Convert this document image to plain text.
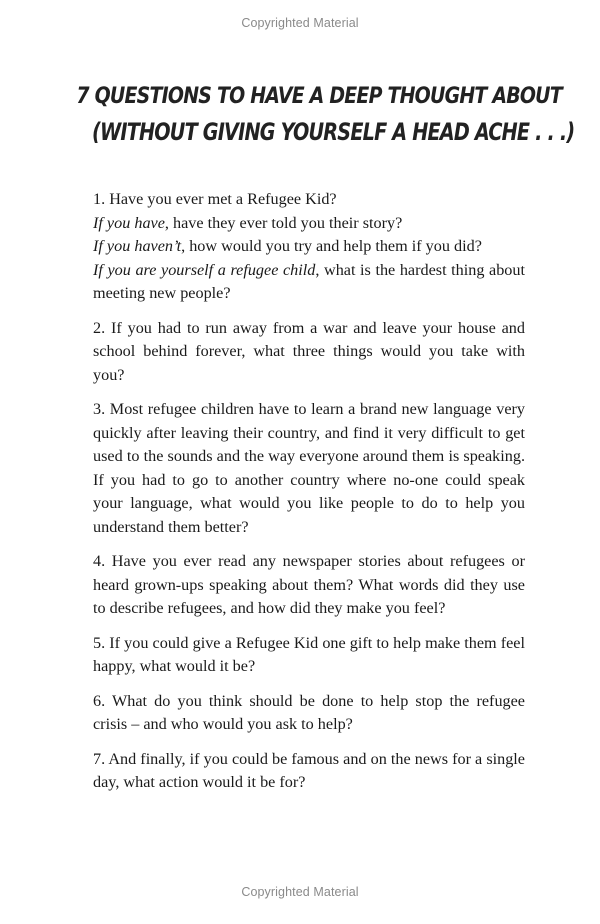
Copyrighted Material
7 QUESTIONS TO HAVE A DEEP THOUGHT ABOUT
(WITHOUT GIVING YOURSELF A HEAD ACHE . . .)
1. Have you ever met a Refugee Kid?
If you have, have they ever told you their story?
If you haven’t, how would you try and help them if you did?
If you are yourself a refugee child, what is the hardest thing about meeting new people?
2. If you had to run away from a war and leave your house and school behind forever, what three things would you take with you?
3. Most refugee children have to learn a brand new language very quickly after leaving their country, and find it very difficult to get used to the sounds and the way everyone around them is speaking. If you had to go to another country where no-one could speak your language, what would you like people to do to help you understand them better?
4. Have you ever read any newspaper stories about refugees or heard grown-ups speaking about them? What words did they use to describe refugees, and how did they make you feel?
5. If you could give a Refugee Kid one gift to help make them feel happy, what would it be?
6. What do you think should be done to help stop the refugee crisis – and who would you ask to help?
7. And finally, if you could be famous and on the news for a single day, what action would it be for?
Copyrighted Material
